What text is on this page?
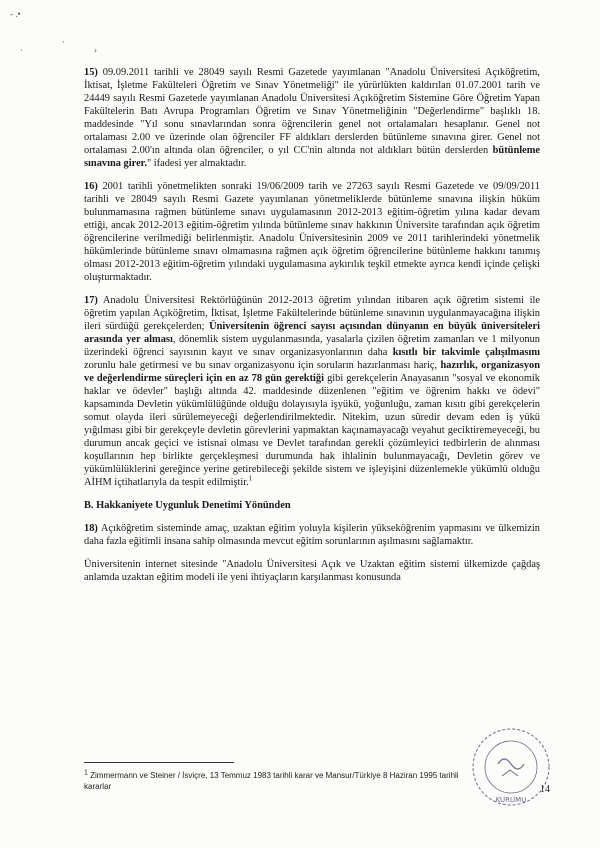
- .•
·
·
›

15) 09.09.2011 tarihli ve 28049 sayılı Resmi Gazetede yayımlanan "Anadolu Üniversitesi Açıköğretim, İktisat, İşletme Fakülteleri Öğretim ve Sınav Yönetmeliği" ile yürürlükten kaldırılan 01.07.2001 tarih ve 24449 sayılı Resmi Gazetede yayımlanan Anadolu Üniversitesi Açıköğretim Sistemine Göre Öğretim Yapan Fakültelerin Batı Avrupa Programları Öğretim ve Sınav Yönetmeliğinin "Değerlendirme" başlıklı 18. maddesinde "Yıl sonu sınavlarından sonra öğrencilerin genel not ortalamaları hesaplanır. Genel not ortalaması 2.00 ve üzerinde olan öğrenciler FF aldıkları derslerden bütünleme sınavına girer. Genel not ortalaması 2.00'ın altında olan öğrenciler, o yıl CC'nin altında not aldıkları bütün derslerden bütünleme sınavına girer." ifadesi yer almaktadır.

16) 2001 tarihli yönetmelikten sonraki 19/06/2009 tarih ve 27263 sayılı Resmi Gazetede ve 09/09/2011 tarihli ve 28049 sayılı Resmi Gazete yayımlanan yönetmeliklerde bütünleme sınavına ilişkin hüküm bulunmamasına rağmen bütünleme sınavı uygulamasının 2012-2013 eğitim-öğretim yılına kadar devam ettiği, ancak 2012-2013 eğitim-öğretim yılında bütünleme sınav hakkının Üniversite tarafından açık öğretim öğrencilerine verilmediği belirlenmiştir. Anadolu Üniversitesinin 2009 ve 2011 tarihlerindeki yönetmelik hükümlerinde bütünleme sınavı olmamasına rağmen açık öğretim öğrencilerine bütünleme hakkını tanımış olması 2012-2013 eğitim-öğretim yılındaki uygulamasına aykırılık teşkil etmekte ayrıca kendi içinde çelişki oluşturmaktadır.

17) Anadolu Üniversitesi Rektörlüğünün 2012-2013 öğretim yılından itibaren açık öğretim sistemi ile öğretim yapılan Açıköğretim, İktisat, İşletme Fakültelerinde bütünleme sınavının uygulanmayacağına ilişkin ileri sürdüğü gerekçelerden; Üniversitenin öğrenci sayısı açısından dünyanın en büyük üniversiteleri arasında yer alması, dönemlik sistem uygulanmasında, yasalarla çizilen öğretim zamanları ve 1 milyonun üzerindeki öğrenci sayısının kayıt ve sınav organizasyonlarının daha kısıtlı bir takvimle çalışılmasını zorunlu hale getirmesi ve bu sınav organizasyonu için soruların hazırlanması hariç, hazırlık, organizasyon ve değerlendirme süreçleri için en az 78 gün gerektiği gibi gerekçelerin Anayasanın "sosyal ve ekonomik haklar ve ödevler" başlığı altında 42. maddesinde düzenlenen "eğitim ve öğrenim hakkı ve ödevi" kapsamında Devletin yükümlülüğünde olduğu dolayısıyla işyükü, yoğunluğu, zaman kısıtı gibi gerekçelerin somut olayda ileri sürülemeyeceği değerlendirilmektedir. Nitekim, uzun süredir devam eden iş yükü yığılması gibi bir gerekçeyle devletin görevlerini yapmaktan kaçınamayacağı veyahut geciktiremeyeceği, bu durumun ancak geçici ve istisnai olması ve Devlet tarafından gerekli çözümleyici tedbirlerin de alınması koşullarının hep birlikte gerçekleşmesi durumunda hak ihlalinin bulunmayacağı, Devletin görev ve yükümlülüklerini gereğince yerine getirebileceği şekilde sistem ve işleyişini düzenlemekle yükümlü olduğu AİHM içtihatlarıyla da tespit edilmiştir.$^1$

B. Hakkaniyete Uygunluk Denetimi Yönünden

18) Açıköğretim sisteminde amaç, uzaktan eğitim yoluyla kişilerin yükseköğrenim yapmasını ve ülkemizin daha fazla eğitimli insana sahip olmasında mevcut eğitim sorunlarının aşılmasını sağlamaktır.

Üniversitenin internet sitesinde "Anadolu Üniversitesi Açık ve Uzaktan eğitim sistemi ülkemizde çağdaş anlamda uzaktan eğitim modeli ile yeni ihtiyaçların karşılanması konusunda

$^1$ Zimmermann ve Steiner / İsviçre, 13 Temmuz 1983 tarihli karar ve Mansur/Türkiye 8 Haziran 1995 tarihli kararlar
KURUMU
14
